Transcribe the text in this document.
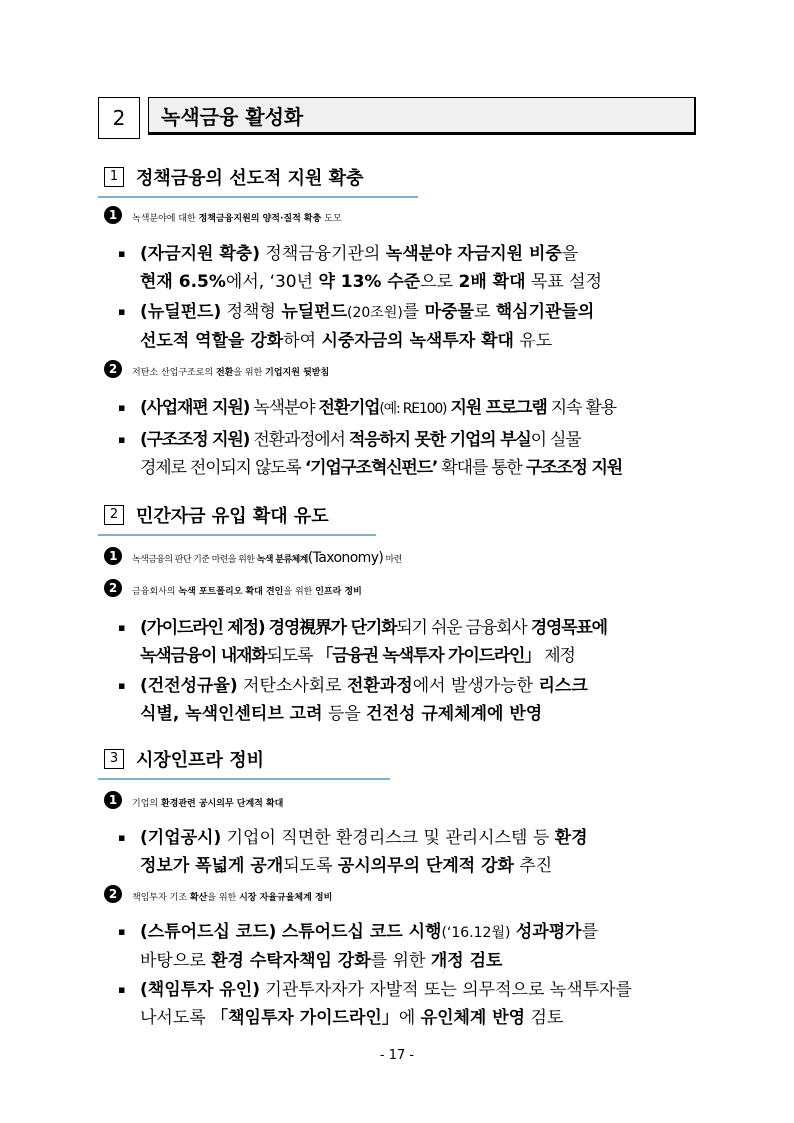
2	녹색금융 활성화
1 정책금융의 선도적 지원 확충
1 녹색분야에 대한 정책금융지원의 양적·질적 확충 도모
▪ (자금지원 확충) 정책금융기관의 녹색분야 자금지원 비중을
현재 6.5%에서, ‘30년 약 13% 수준으로 2배 확대 목표 설정
▪ (뉴딜펀드) 정책형 뉴딜펀드(20조원)를 마중물로 핵심기관들의
선도적 역할을 강화하여 시중자금의 녹색투자 확대 유도
2 저탄소 산업구조로의 전환을 위한 기업지원 뒷받침
▪ (사업재편 지원) 녹색분야 전환기업(예: RE100) 지원 프로그램 지속 활용
▪ (구조조정 지원) 전환과정에서 적응하지 못한 기업의 부실이 실물
경제로 전이되지 않도록 ‘기업구조혁신펀드’ 확대를 통한 구조조정 지원
2 민간자금 유입 확대 유도
1 녹색금융의 판단 기준 마련을 위한 녹색 분류체계(Taxonomy) 마련
2 금융회사의 녹색 포트폴리오 확대 견인을 위한 인프라 정비
▪ (가이드라인 제정) 경영視界가 단기화되기 쉬운 금융회사 경영목표에
녹색금융이 내재화되도록 「금융권 녹색투자 가이드라인」 제정
▪ (건전성규율) 저탄소사회로 전환과정에서 발생가능한 리스크
식별, 녹색인센티브 고려 등을 건전성 규제체계에 반영
3 시장인프라 정비
1 기업의 환경관련 공시의무 단계적 확대
▪ (기업공시) 기업이 직면한 환경리스크 및 관리시스템 등 환경
정보가 폭넓게 공개되도록 공시의무의 단계적 강화 추진
2 책임투자 기조 확산을 위한 시장 자율규율체계 정비
▪ (스튜어드십 코드) 스튜어드십 코드 시행(‘16.12월) 성과평가를
바탕으로 환경 수탁자책임 강화를 위한 개정 검토
▪ (책임투자 유인) 기관투자자가 자발적 또는 의무적으로 녹색투자를
나서도록 「책임투자 가이드라인」에 유인체계 반영 검토
- 17 -
